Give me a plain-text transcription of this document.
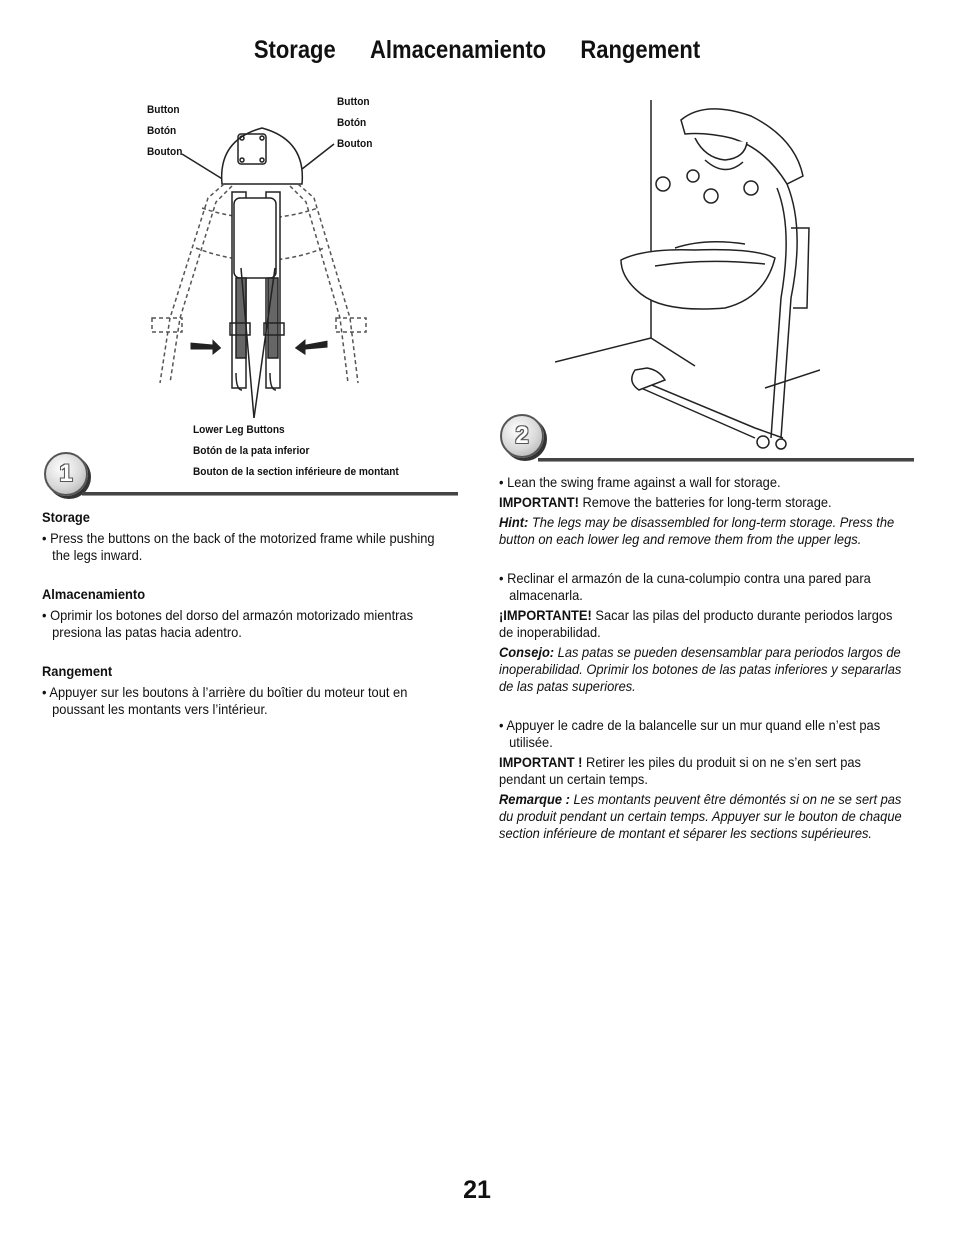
Storage Almacenamiento Rangement
Button
Botón
Bouton
Button
Botón
Bouton
Lower Leg Buttons
Botón de la pata inferior
Bouton de la section inférieure de montant
1
2
Storage

• Press the buttons on the back of the motorized frame while pushing the legs inward.

Almacenamiento

• Oprimir los botones del dorso del armazón motorizado mientras presiona las patas hacia adentro.

Rangement

• Appuyer sur les boutons à l’arrière du boîtier du moteur tout en poussant les montants vers l’intérieur.

• Lean the swing frame against a wall for storage.

IMPORTANT! Remove the batteries for long-term storage.

Hint: The legs may be disassembled for long-term storage. Press the button on each lower leg and remove them from the upper legs.

• Reclinar el armazón de la cuna-columpio contra una pared para almacenarla.

¡IMPORTANTE! Sacar las pilas del producto durante periodos largos de inoperabilidad.

Consejo: Las patas se pueden desensamblar para periodos largos de inoperabilidad. Oprimir los botones de las patas inferiores y separarlas de las patas superiores.

• Appuyer le cadre de la balancelle sur un mur quand elle n’est pas utilisée.

IMPORTANT ! Retirer les piles du produit si on ne s’en sert pas pendant un certain temps.

Remarque : Les montants peuvent être démontés si on ne se sert pas du produit pendant un certain temps. Appuyer sur le bouton de chaque section inférieure de montant et séparer les sections supérieures.

21
